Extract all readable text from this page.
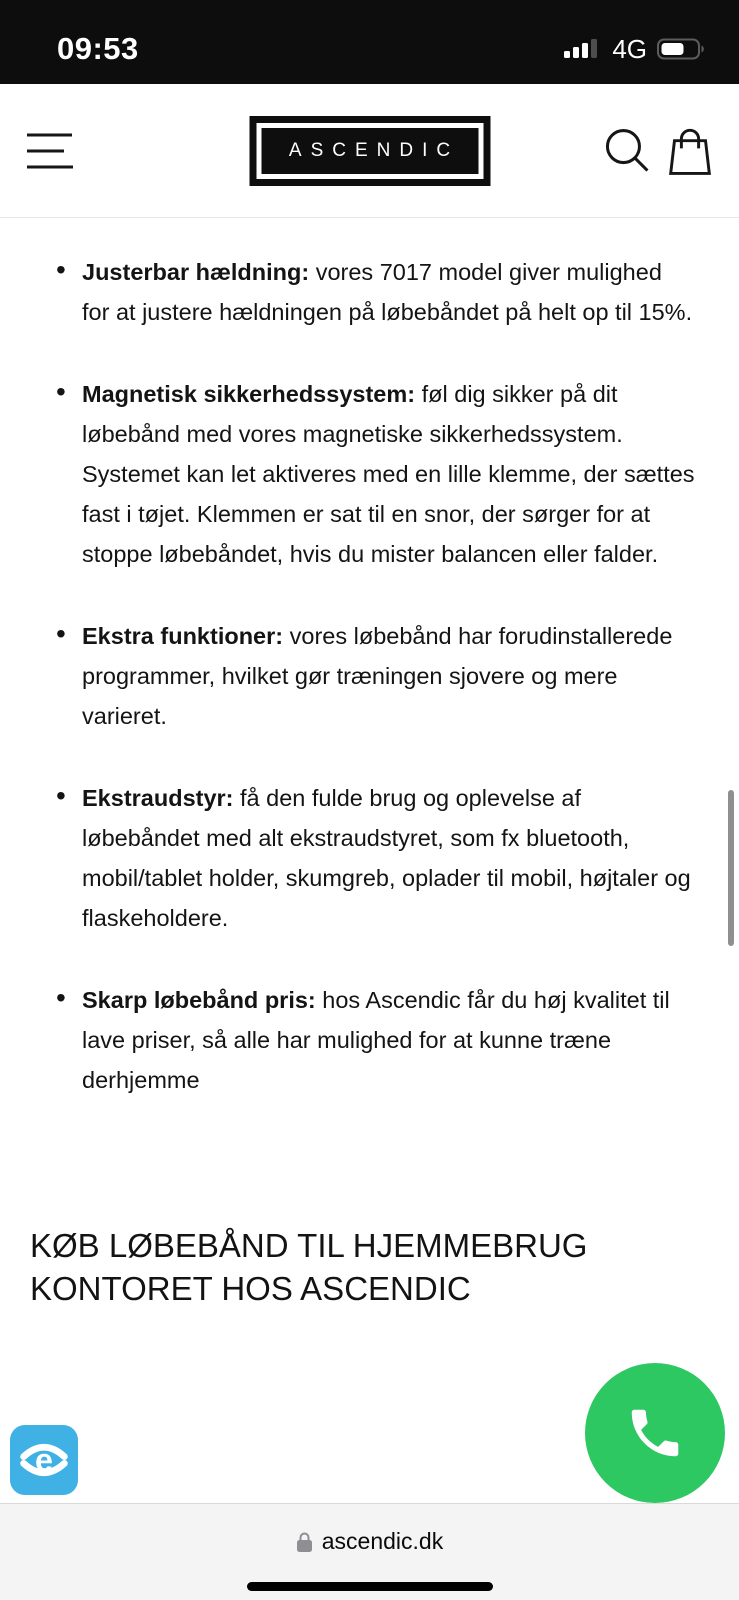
09:53	4G
ASCENDIC
• Justerbar hældning: vores 7017 model giver mulighed for at justere hældningen på løbebåndet på helt op til 15%.
• Magnetisk sikkerhedssystem: føl dig sikker på dit løbebånd med vores magnetiske sikkerhedssystem. Systemet kan let aktiveres med en lille klemme, der sættes fast i tøjet. Klemmen er sat til en snor, der sørger for at stoppe løbebåndet, hvis du mister balancen eller falder.
• Ekstra funktioner: vores løbebånd har forudinstallerede programmer, hvilket gør træningen sjovere og mere varieret.
• Ekstraudstyr: få den fulde brug og oplevelse af løbebåndet med alt ekstraudstyret, som fx bluetooth, mobil/tablet holder, skumgreb, oplader til mobil, højtaler og flaskeholdere.
• Skarp løbebånd pris: hos Ascendic får du høj kvalitet til lave priser, så alle har mulighed for at kunne træne derhjemme
KØB LØBEBÅND TIL HJEMMEBRUG
KONTORET HOS ASCENDIC
e
ascendic.dk
